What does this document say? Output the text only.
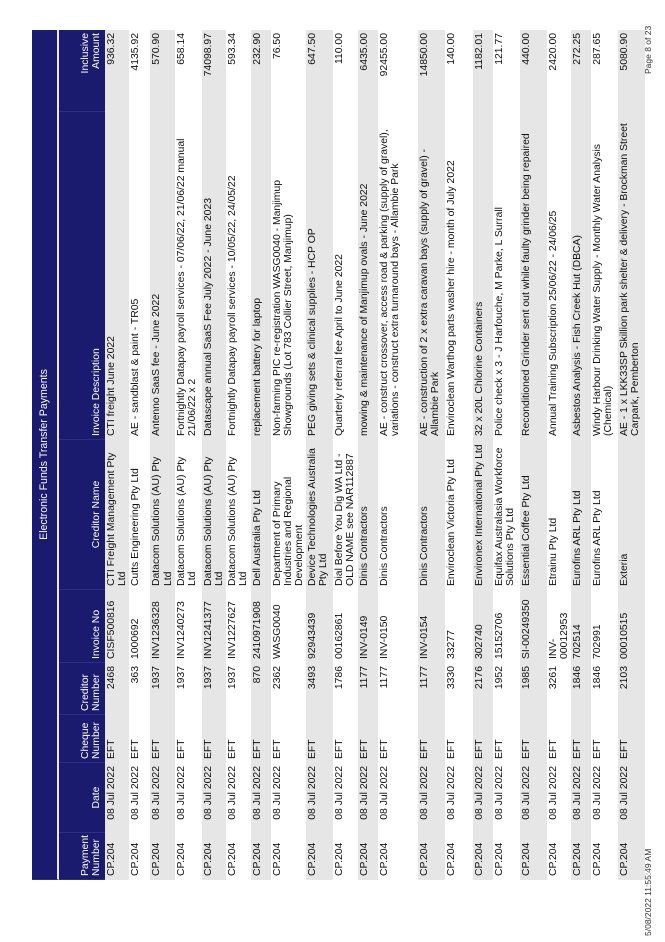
Electronic Funds Transfer Payments							
Payment Number	Date	Cheque Number	Creditor Number	Invoice No	Creditor Name	Invoice Description	Inclusive Amount
CP.204	08 Jul 2022	EFT	2468	CISF500816	CTI Freight Management Pty Ltd	CTI freight June 2022	936.32
CP.204	08 Jul 2022	EFT	363	1000692	Cutts Engineering Pty Ltd	AE - sandblast & paint - TR05	4135.92
CP.204	08 Jul 2022	EFT	1937	INV1236328	Datacom Solutions (AU) Pty Ltd	Antenno SaaS fee - June 2022	570.90
CP.204	08 Jul 2022	EFT	1937	INV1240273	Datacom Solutions (AU) Pty Ltd	Fortnightly Datapay payroll services - 07/06/22, 21/06/22 manual 21/06/22 x 2	658.14
CP.204	08 Jul 2022	EFT	1937	INV1241377	Datacom Solutions (AU) Pty Ltd	Datascape annual SaaS Fee July 2022 - June 2023	74098.97
CP.204	08 Jul 2022	EFT	1937	INV1227627	Datacom Solutions (AU) Pty Ltd	Fortnightly Datapay payroll services - 10/05/22, 24/05/22	593.34
CP.204	08 Jul 2022	EFT	870	2410971908	Dell Australia Pty Ltd	replacement battery for laptop	232.90
CP.204	08 Jul 2022	EFT	2362	WASG0040	Department of Primary Industries and Regional Development	Non-farming PIC re-registration WASG0040 - Manjimup Showgrounds (Lot 783 Collier Street, Manjimup)	76.50
CP.204	08 Jul 2022	EFT	3493	92943439	Device Technologies Australia Pty Ltd	PEG giving sets & clinical supplies - HCP OP	647.50
CP.204	08 Jul 2022	EFT	1786	00162861	Dial Before You Dig WA Ltd - OLD NAME see NAR112887	Quarterly referral fee April to June 2022	110.00
CP.204	08 Jul 2022	EFT	1177	INV-0149	Dinis Contractors	mowing & maintenance of Manjimup ovals - June 2022	6435.00
CP.204	08 Jul 2022	EFT	1177	INV-0150	Dinis Contractors	AE - construct crossover, access road & parking (supply of gravel), variations - construct extra turnaround bays - Allambie Park	92455.00
CP.204	08 Jul 2022	EFT	1177	INV-0154	Dinis Contractors	AE - construction of 2 x extra caravan bays (supply of gravel) - Allambie Park	14850.00
CP.204	08 Jul 2022	EFT	3330	33277	Enviroclean Victoria Pty Ltd	Enviroclean Warthog parts washer hire - month of July 2022	140.00
CP.204	08 Jul 2022	EFT	2176	302740	Environex International Pty Ltd	32 x 20L Chlorine Containers	1182.01
CP.204	08 Jul 2022	EFT	1952	15152706	Equifax Australasia Workforce Solutions Pty Ltd	Police check x 3 - J Harfouche, M Parke, L Surrall	121.77
CP.204	08 Jul 2022	EFT	1985	SI-00249350	Essential Coffee Pty Ltd	Reconditioned Grinder sent out while faulty grinder being repaired	440.00
CP.204	08 Jul 2022	EFT	3261	INV-00012953	Etrainu Pty Ltd	Annual Training Subscription 25/06/22 - 24/06/25	2420.00
CP.204	08 Jul 2022	EFT	1846	702514	Eurofins ARL Pty Ltd	Asbestos Analysis - Fish Creek Hut (DBCA)	272.25
CP.204	08 Jul 2022	EFT	1846	702991	Eurofins ARL Pty Ltd	Windy Harbour Drinking Water Supply - Monthly Water Analysis (Chemical)	287.65
CP.204	08 Jul 2022	EFT	2103	00010515	Exteria	AE - 1 x LKK33SP Skillion park shelter & delivery - Brockman Street Carpark, Pemberton	5080.90
5/08/2022 11:55:49 AM
Page 8 of 23
